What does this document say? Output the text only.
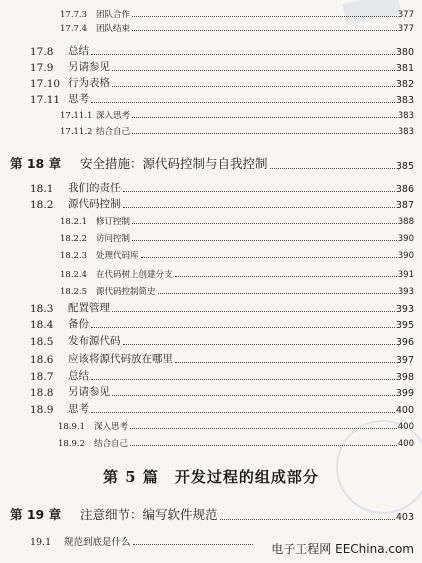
17.7.3	团队合作	377
17.7.4	团队结束	377
17.8	总结	380
17.9	另请参见	381
17.10 行为表格	382
17.11 思考	383
17.11.1 深入思考	383
17.11.2 结合自己	383
第 18 章	安全措施：源代码控制与自我控制	385
18.1	我们的责任	386
18.2	源代码控制	387
18.2.1	修订控制	388
18.2.2	访问控制	390
18.2.3	处理代码库	390
18.2.4	在代码树上创建分支	391
18.2.5	源代码控制简史	393
18.3	配置管理	393
18.4	备份	395
18.5	发布源代码	396
18.6	应该将源代码放在哪里	397
18.7	总结	398
18.8	另请参见	399
18.9	思考	400
18.9.1	深入思考	400
18.9.2	结合自己	400
第 5 篇　开发过程的组成部分
第 19 章	注意细节：编写软件规范	403
19.1	规范到底是什么	电子工程网 EEChina.com
